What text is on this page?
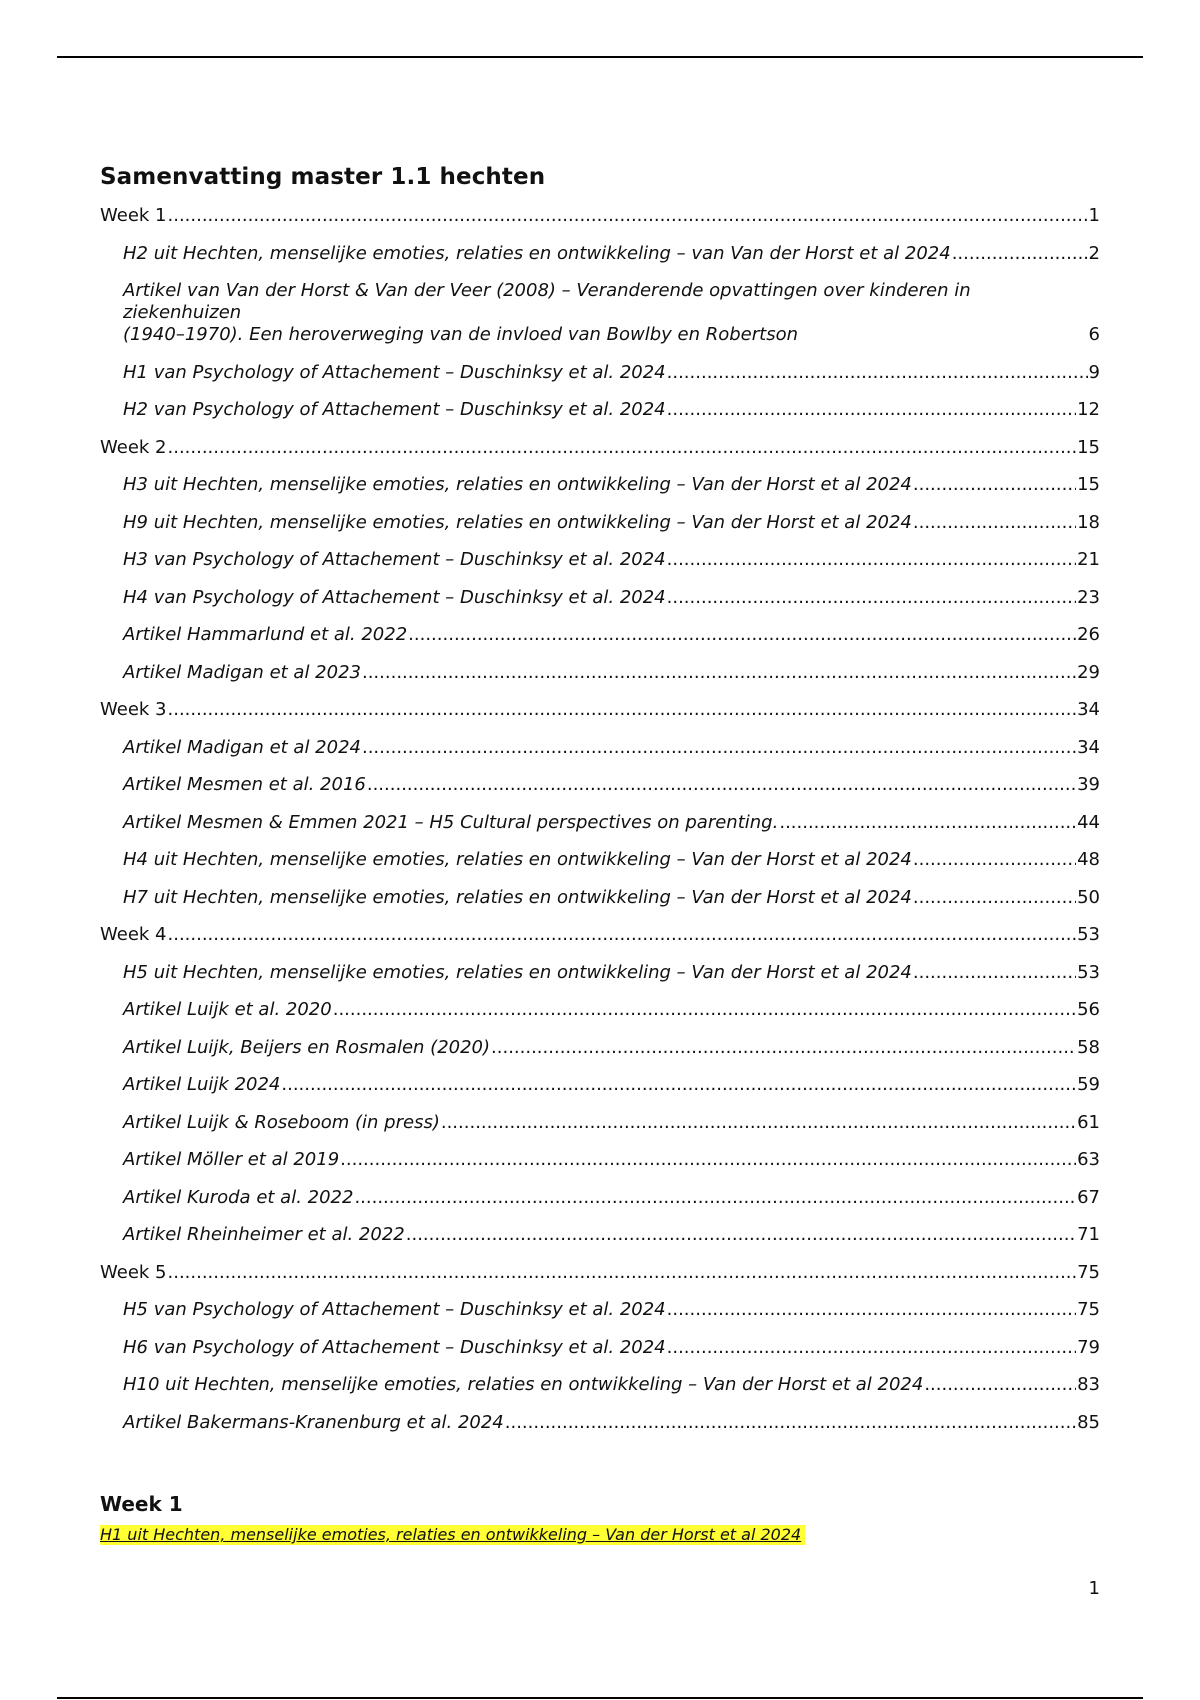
Samenvatting master 1.1 hechten
Week 1 .....	1
H2 uit Hechten, menselijke emoties, relaties en ontwikkeling – van Van der Horst et al 2024 .....	2
Artikel van Van der Horst & Van der Veer (2008) – Veranderende opvattingen over kinderen in ziekenhuizen
(1940–1970). Een heroverweging van de invloed van Bowlby en Robertson	6
H1 van Psychology of Attachement – Duschinksy et al. 2024 .....	9
H2 van Psychology of Attachement – Duschinksy et al. 2024 .....	12
Week 2 .....	15
H3 uit Hechten, menselijke emoties, relaties en ontwikkeling – Van der Horst et al 2024 .....	15
H9 uit Hechten, menselijke emoties, relaties en ontwikkeling – Van der Horst et al 2024 .....	18
H3 van Psychology of Attachement – Duschinksy et al. 2024 .....	21
H4 van Psychology of Attachement – Duschinksy et al. 2024 .....	23
Artikel Hammarlund et al. 2022 .....	26
Artikel Madigan et al 2023 .....	29
Week 3 .....	34
Artikel Madigan et al 2024 .....	34
Artikel Mesmen et al. 2016 .....	39
Artikel Mesmen & Emmen 2021 – H5 Cultural perspectives on parenting. .....	44
H4 uit Hechten, menselijke emoties, relaties en ontwikkeling – Van der Horst et al 2024 .....	48
H7 uit Hechten, menselijke emoties, relaties en ontwikkeling – Van der Horst et al 2024 .....	50
Week 4 .....	53
H5 uit Hechten, menselijke emoties, relaties en ontwikkeling – Van der Horst et al 2024 .....	53
Artikel Luijk et al. 2020 .....	56
Artikel Luijk, Beijers en Rosmalen (2020) .....	58
Artikel Luijk 2024 .....	59
Artikel Luijk & Roseboom (in press) .....	61
Artikel Möller et al 2019 .....	63
Artikel Kuroda et al. 2022 .....	67
Artikel Rheinheimer et al. 2022 .....	71
Week 5 .....	75
H5 van Psychology of Attachement – Duschinksy et al. 2024 .....	75
H6 van Psychology of Attachement – Duschinksy et al. 2024 .....	79
H10 uit Hechten, menselijke emoties, relaties en ontwikkeling – Van der Horst et al 2024 .....	83
Artikel Bakermans-Kranenburg et al. 2024 .....	85
Week 1
H1 uit Hechten, menselijke emoties, relaties en ontwikkeling – Van der Horst et al 2024
1
